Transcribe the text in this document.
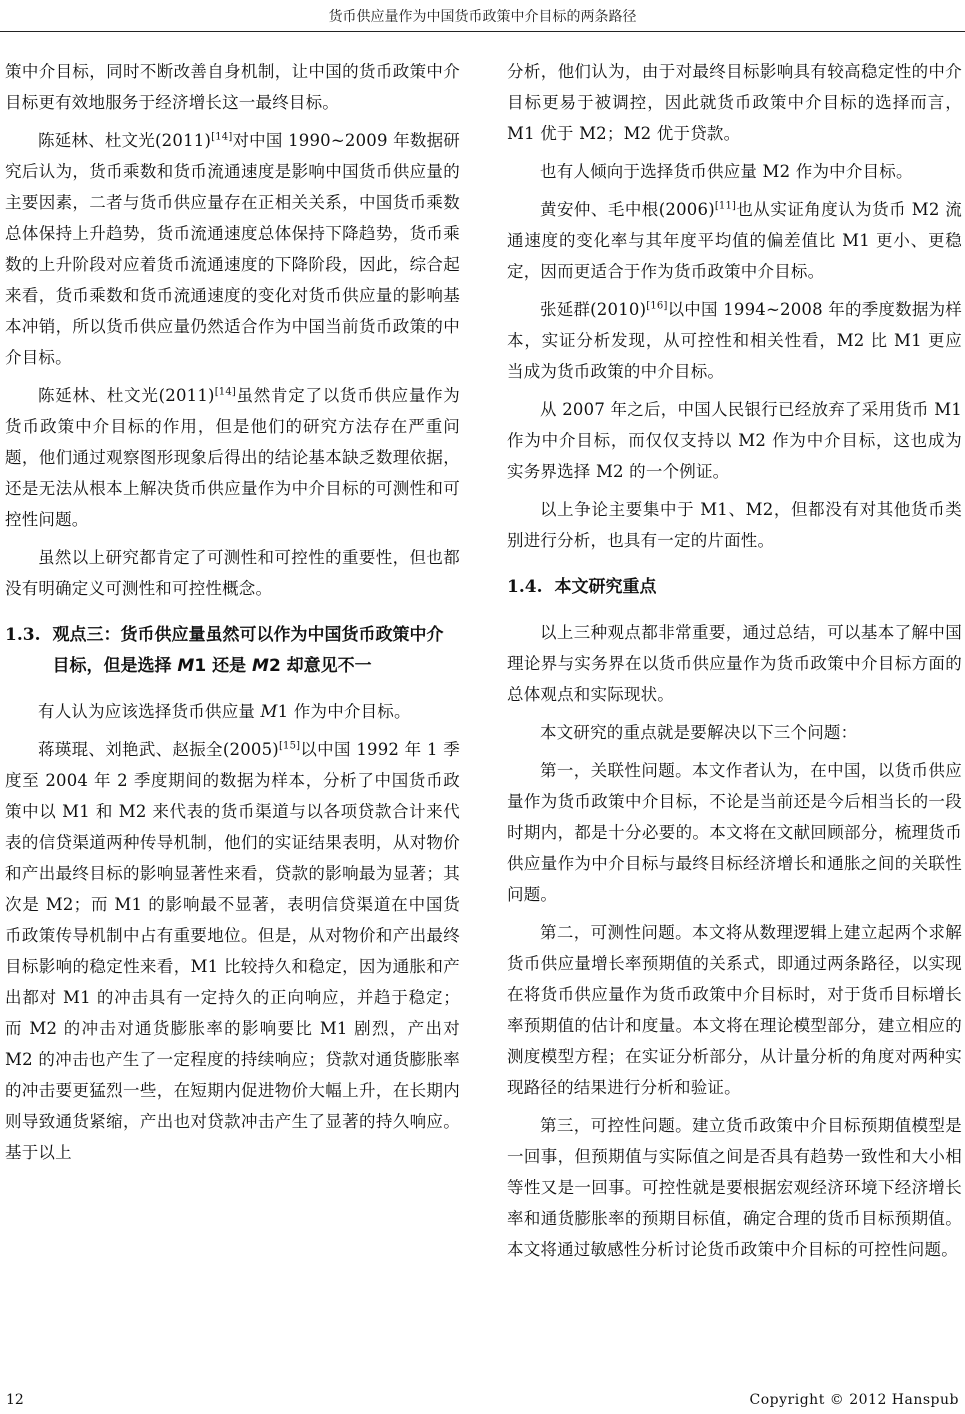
货币供应量作为中国货币政策中介目标的两条路径

策中介目标，同时不断改善自身机制，让中国的货币政策中介目标更有效地服务于经济增长这一最终目标。

陈延林、杜文光(2011)[14]对中国 1990~2009 年数据研究后认为，货币乘数和货币流通速度是影响中国货币供应量的主要因素，二者与货币供应量存在正相关关系，中国货币乘数总体保持上升趋势，货币流通速度总体保持下降趋势，货币乘数的上升阶段对应着货币流通速度的下降阶段，因此，综合起来看，货币乘数和货币流通速度的变化对货币供应量的影响基本冲销，所以货币供应量仍然适合作为中国当前货币政策的中介目标。

陈延林、杜文光(2011)[14]虽然肯定了以货币供应量作为货币政策中介目标的作用，但是他们的研究方法存在严重问题，他们通过观察图形现象后得出的结论基本缺乏数理依据，还是无法从根本上解决货币供应量作为中介目标的可测性和可控性问题。

虽然以上研究都肯定了可测性和可控性的重要性，但也都没有明确定义可测性和可控性概念。

1.3. 观点三：货币供应量虽然可以作为中国货币政策中介目标，但是选择 M1 还是 M2 却意见不一

有人认为应该选择货币供应量 M1 作为中介目标。

蒋瑛琨、刘艳武、赵振全(2005)[15]以中国 1992 年 1 季度至 2004 年 2 季度期间的数据为样本，分析了中国货币政策中以 M1 和 M2 来代表的货币渠道与以各项贷款合计来代表的信贷渠道两种传导机制，他们的实证结果表明，从对物价和产出最终目标的影响显著性来看，贷款的影响最为显著；其次是 M2；而 M1 的影响最不显著，表明信贷渠道在中国货币政策传导机制中占有重要地位。但是，从对物价和产出最终目标影响的稳定性来看，M1 比较持久和稳定，因为通胀和产出都对 M1 的冲击具有一定持久的正向响应，并趋于稳定；而 M2 的冲击对通货膨胀率的影响要比 M1 剧烈，产出对 M2 的冲击也产生了一定程度的持续响应；贷款对通货膨胀率的冲击要更猛烈一些，在短期内促进物价大幅上升，在长期内则导致通货紧缩，产出也对贷款冲击产生了显著的持久响应。基于以上

分析，他们认为，由于对最终目标影响具有较高稳定性的中介目标更易于被调控，因此就货币政策中介目标的选择而言，M1 优于 M2；M2 优于贷款。

也有人倾向于选择货币供应量 M2 作为中介目标。

黄安仲、毛中根(2006)[11]也从实证角度认为货币 M2 流通速度的变化率与其年度平均值的偏差值比 M1 更小、更稳定，因而更适合于作为货币政策中介目标。

张延群(2010)[16]以中国 1994~2008 年的季度数据为样本，实证分析发现，从可控性和相关性看，M2 比 M1 更应当成为货币政策的中介目标。

从 2007 年之后，中国人民银行已经放弃了采用货币 M1 作为中介目标，而仅仅支持以 M2 作为中介目标，这也成为实务界选择 M2 的一个例证。

以上争论主要集中于 M1、M2，但都没有对其他货币类别进行分析，也具有一定的片面性。

1.4. 本文研究重点

以上三种观点都非常重要，通过总结，可以基本了解中国理论界与实务界在以货币供应量作为货币政策中介目标方面的总体观点和实际现状。

本文研究的重点就是要解决以下三个问题：

第一，关联性问题。本文作者认为，在中国，以货币供应量作为货币政策中介目标，不论是当前还是今后相当长的一段时期内，都是十分必要的。本文将在文献回顾部分，梳理货币供应量作为中介目标与最终目标经济增长和通胀之间的关联性问题。

第二，可测性问题。本文将从数理逻辑上建立起两个求解货币供应量增长率预期值的关系式，即通过两条路径，以实现在将货币供应量作为货币政策中介目标时，对于货币目标增长率预期值的估计和度量。本文将在理论模型部分，建立相应的测度模型方程；在实证分析部分，从计量分析的角度对两种实现路径的结果进行分析和验证。

第三，可控性问题。建立货币政策中介目标预期值模型是一回事，但预期值与实际值之间是否具有趋势一致性和大小相等性又是一回事。可控性就是要根据宏观经济环境下经济增长率和通货膨胀率的预期目标值，确定合理的货币目标预期值。本文将通过敏感性分析讨论货币政策中介目标的可控性问题。

12	Copyright © 2012 Hanspub
